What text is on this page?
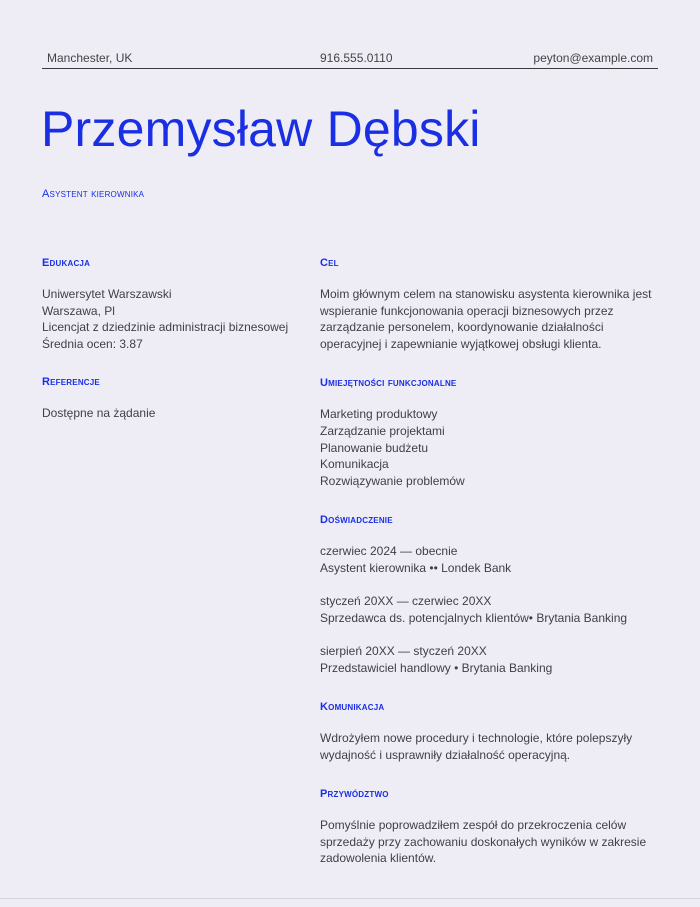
Manchester, UK	916.555.0110	peyton@example.com
Przemysław Dębski
Asystent kierownika
Edukacja
Uniwersytet Warszawski
Warszawa, Pl
Licencjat z dziedzinie administracji biznesowej
Średnia ocen: 3.87
Referencje
Dostępne na żądanie
Cel
Moim głównym celem na stanowisku asystenta kierownika jest
wspieranie funkcjonowania operacji biznesowych przez
zarządzanie personelem, koordynowanie działalności
operacyjnej i zapewnianie wyjątkowej obsługi klienta.
Umiejętności funkcjonalne
Marketing produktowy
Zarządzanie projektami
Planowanie budżetu
Komunikacja
Rozwiązywanie problemów
Doświadczenie
czerwiec 2024 — obecnie
Asystent kierownika •• Londek Bank
styczeń 20XX — czerwiec 20XX
Sprzedawca ds. potencjalnych klientów• Brytania Banking
sierpień 20XX — styczeń 20XX
Przedstawiciel handlowy • Brytania Banking
Komunikacja
Wdrożyłem nowe procedury i technologie, które polepszyły
wydajność i usprawniły działalność operacyjną.
Przywództwo
Pomyślnie poprowadziłem zespół do przekroczenia celów
sprzedaży przy zachowaniu doskonałych wyników w zakresie
zadowolenia klientów.
